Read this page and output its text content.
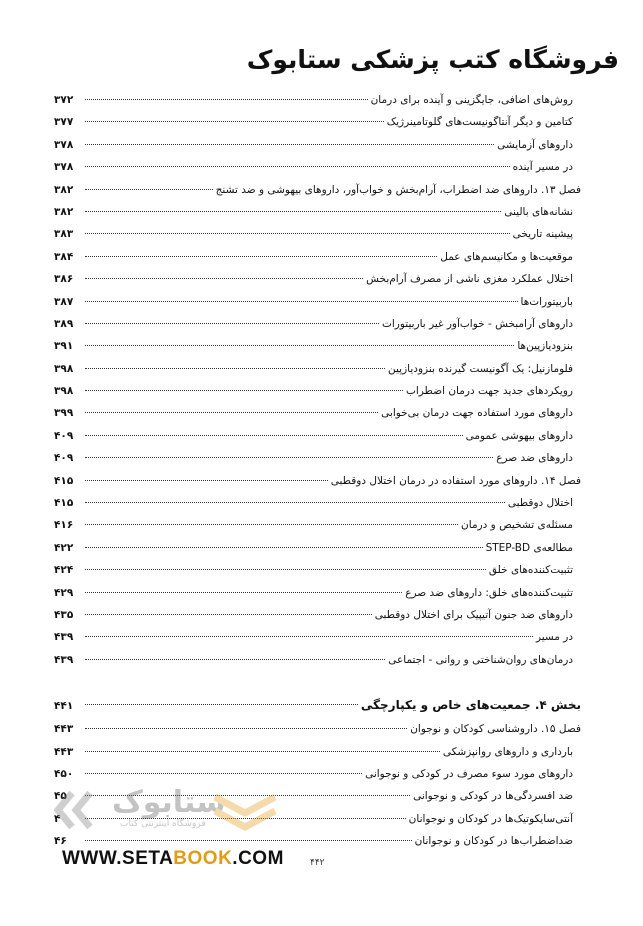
فروشگاه کتب پزشکی ستابوک
روش‌های اضافی، جایگزینی و آینده برای درمان
۳۷۲
کتامین و دیگر آنتاگونیست‌های گلوتامینرژیک
۳۷۷
داروهای آزمایشی
۳۷۸
در مسیر آینده
۳۷۸
فصل ۱۳. داروهای ضد اضطراب، آرام‌بخش و خواب‌آور، داروهای بیهوشی و ضد تشنج
۳۸۲
نشانه‌های بالینی
۳۸۲
پیشینه تاریخی
۳۸۳
موقعیت‌ها و مکانیسم‌های عمل
۳۸۴
اختلال عملکرد مغزی ناشی از مصرف آرام‌بخش
۳۸۶
باربیتورات‌ها
۳۸۷
داروهای آرامبخش - خواب‌آور غیر باربیتورات
۳۸۹
بنزودیازپین‌ها
۳۹۱
فلومازنیل: یک آگونیست گیرنده بنزودیازپین
۳۹۸
رویکردهای جدید جهت درمان اضطراب
۳۹۸
داروهای مورد استفاده جهت درمان بی‌خوابی
۳۹۹
داروهای بیهوشی عمومی
۴۰۹
داروهای ضد صرع
۴۰۹
فصل ۱۴. داروهای مورد استفاده در درمان اختلال دوقطبی
۴۱۵
اختلال دوقطبی
۴۱۵
مسئله‌ی تشخیص و درمان
۴۱۶
مطالعه‌ی STEP-BD
۴۲۲
تثبیت‌کننده‌های خلق
۴۲۴
تثبیت‌کننده‌های خلق: داروهای ضد صرع
۴۲۹
داروهای ضد جنون آتیپیک برای اختلال دوقطبی
۴۳۵
در مسیر
۴۳۹
درمان‌های روان‌شناختی و روانی - اجتماعی
۴۳۹
بخش ۴. جمعیت‌های خاص و یکپارچگی
۴۴۱
فصل ۱۵. داروشناسی کودکان و نوجوان
۴۴۳
بارداری و داروهای روانپزشکی
۴۴۳
داروهای مورد سوء مصرف در کودکی و نوجوانی
۴۵۰
ضد افسردگی‌ها در کودکی و نوجوانی
۴۵
آنتی‌سایکوتیک‌ها در کودکان و نوجوانان
۴
ضداضطراب‌ها در کودکان و نوجوانان
۴۶
ستابوک
فروشگاه اینترنتی کتاب
WWW.SETABOOK.COM	۴۴۲
